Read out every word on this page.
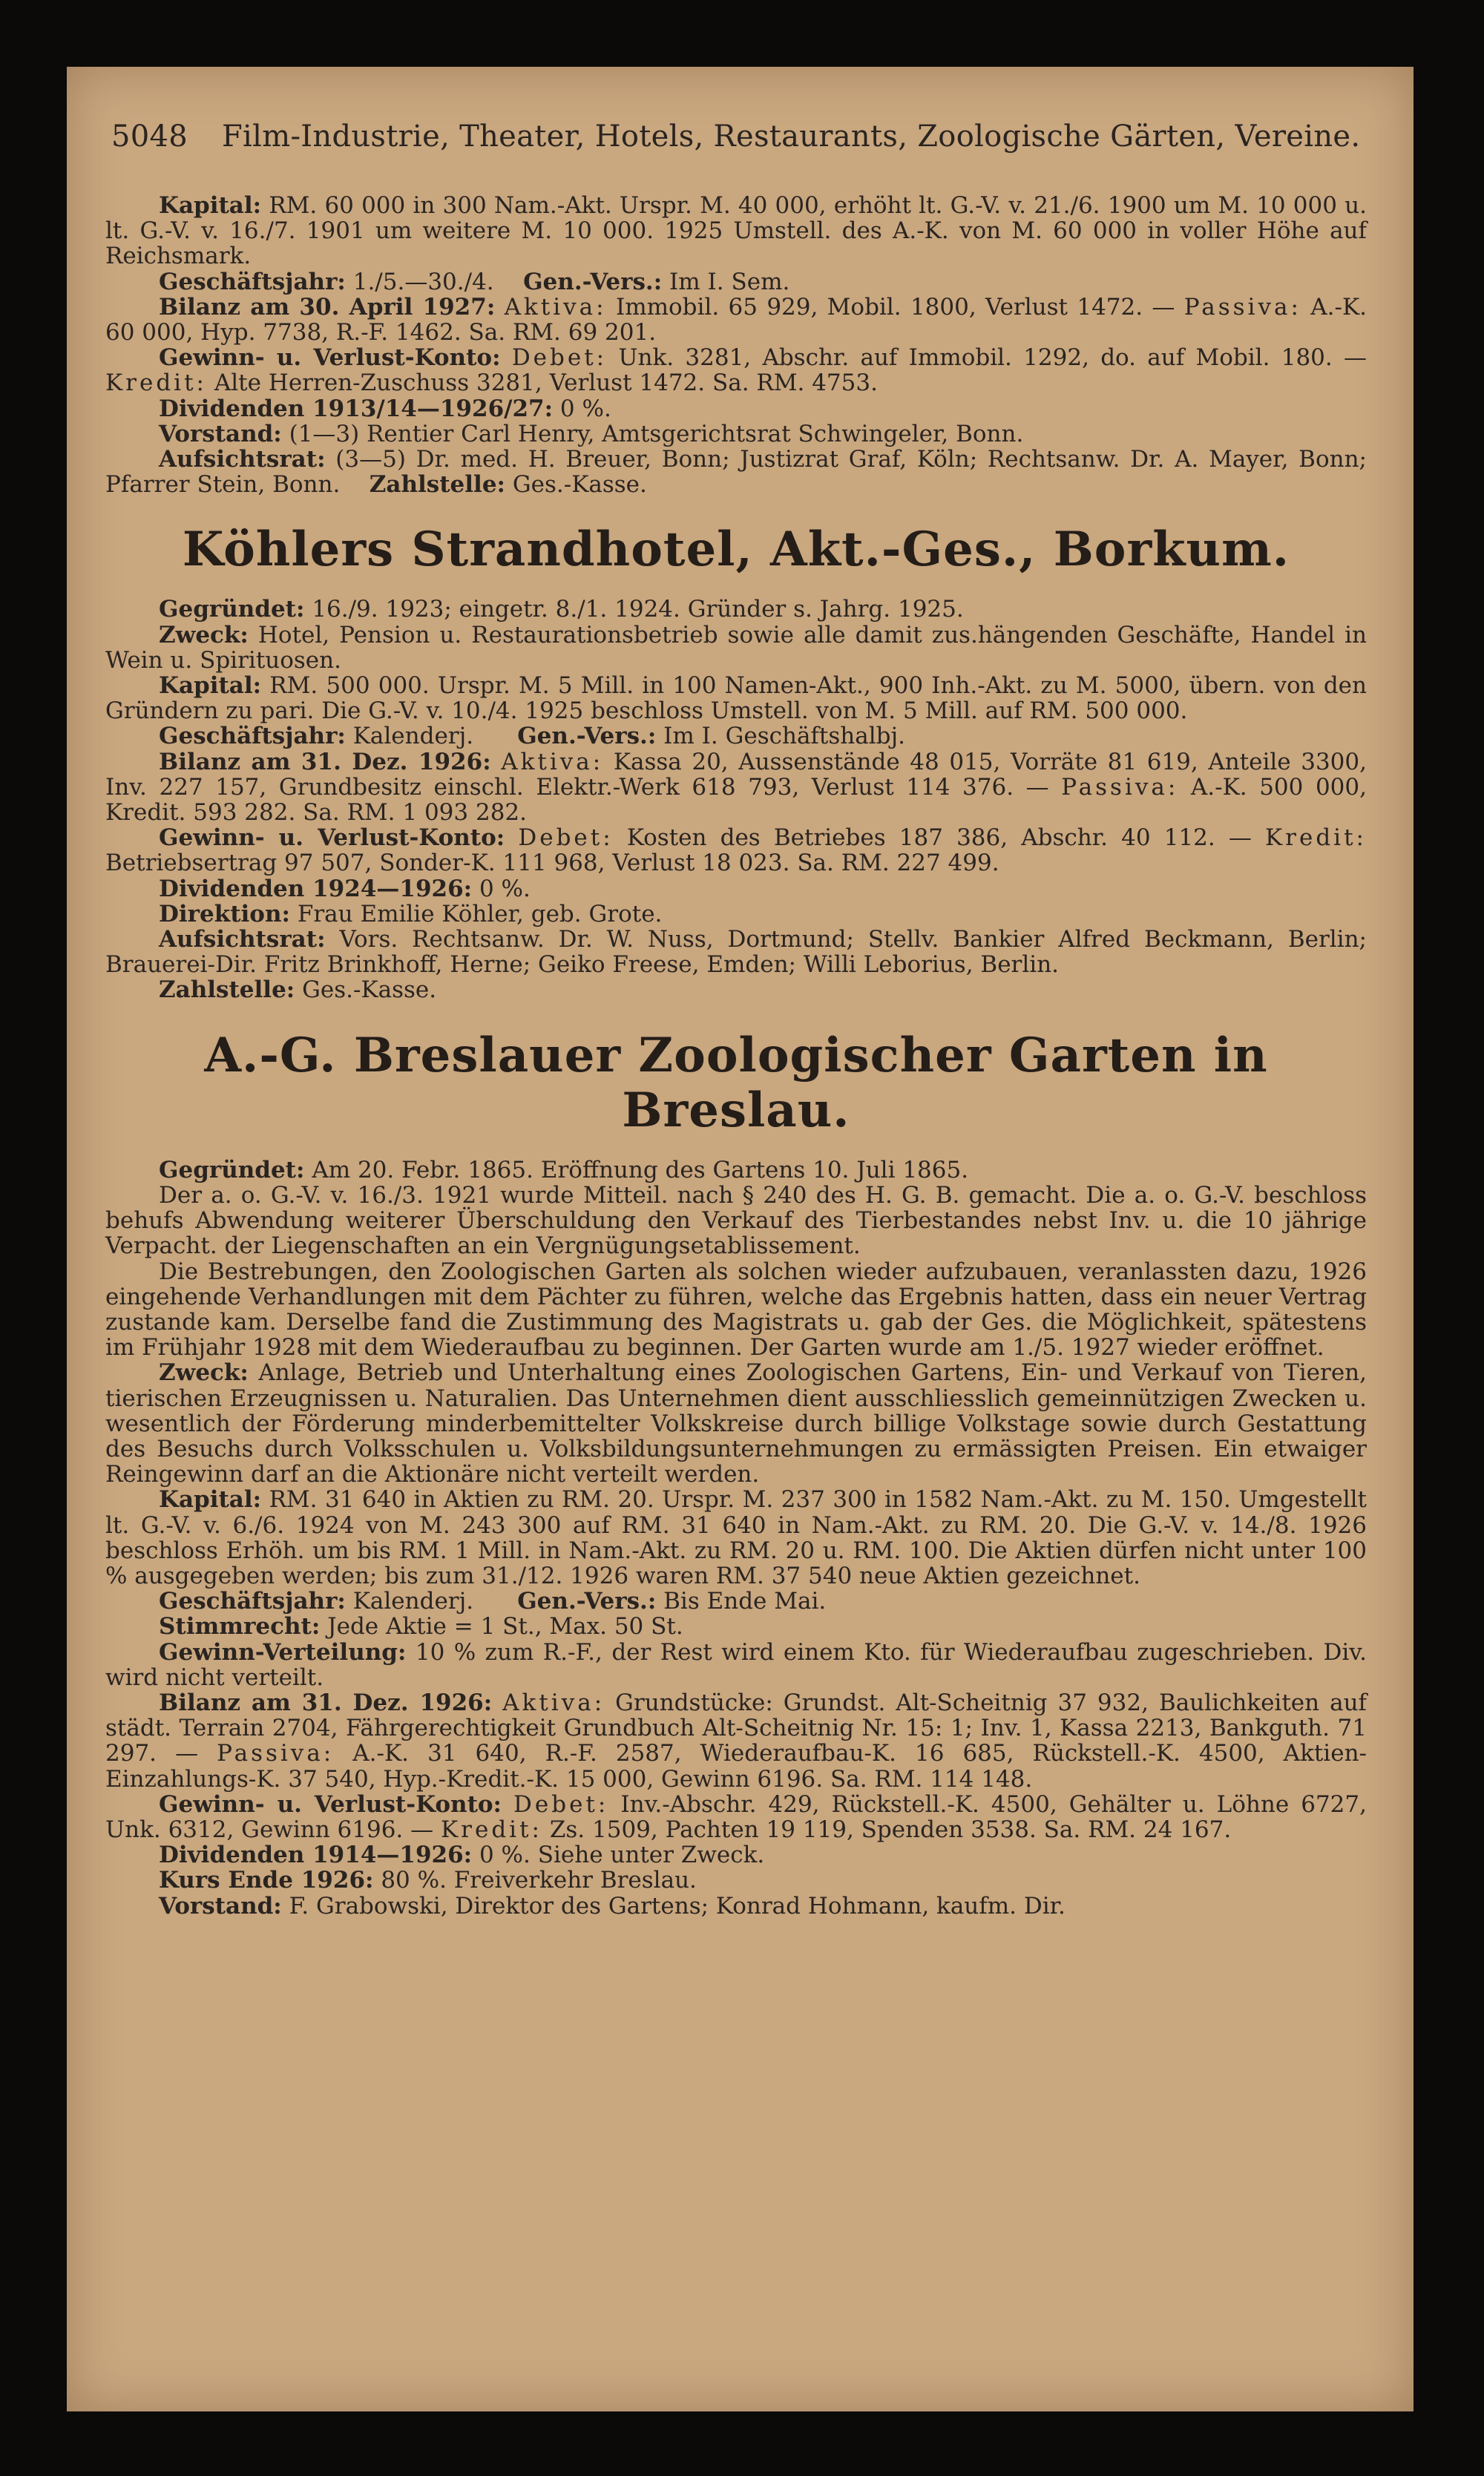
5048 Film-Industrie, Theater, Hotels, Restaurants, Zoologische Gärten, Vereine.

Kapital: RM. 60 000 in 300 Nam.-Akt. Urspr. M. 40 000, erhöht lt. G.-V. v. 21./6. 1900 um M. 10 000 u. lt. G.-V. v. 16./7. 1901 um weitere M. 10 000. 1925 Umstell. des A.-K. von M. 60 000 in voller Höhe auf Reichsmark.

Geschäftsjahr: 1./5.—30./4. Gen.-Vers.: Im I. Sem.

Bilanz am 30. April 1927: Aktiva: Immobil. 65 929, Mobil. 1800, Verlust 1472. — Passiva: A.-K. 60 000, Hyp. 7738, R.-F. 1462. Sa. RM. 69 201.

Gewinn- u. Verlust-Konto: Debet: Unk. 3281, Abschr. auf Immobil. 1292, do. auf Mobil. 180. — Kredit: Alte Herren-Zuschuss 3281, Verlust 1472. Sa. RM. 4753.

Dividenden 1913/14—1926/27: 0 %.

Vorstand: (1—3) Rentier Carl Henry, Amtsgerichtsrat Schwingeler, Bonn.

Aufsichtsrat: (3—5) Dr. med. H. Breuer, Bonn; Justizrat Graf, Köln; Rechtsanw. Dr. A. Mayer, Bonn; Pfarrer Stein, Bonn. Zahlstelle: Ges.-Kasse.

Köhlers Strandhotel, Akt.-Ges., Borkum.

Gegründet: 16./9. 1923; eingetr. 8./1. 1924. Gründer s. Jahrg. 1925.

Zweck: Hotel, Pension u. Restaurationsbetrieb sowie alle damit zus.hängenden Geschäfte, Handel in Wein u. Spirituosen.

Kapital: RM. 500 000. Urspr. M. 5 Mill. in 100 Namen-Akt., 900 Inh.-Akt. zu M. 5000, übern. von den Gründern zu pari. Die G.-V. v. 10./4. 1925 beschloss Umstell. von M. 5 Mill. auf RM. 500 000.

Geschäftsjahr: Kalenderj. Gen.-Vers.: Im I. Geschäftshalbj.

Bilanz am 31. Dez. 1926: Aktiva: Kassa 20, Aussenstände 48 015, Vorräte 81 619, Anteile 3300, Inv. 227 157, Grundbesitz einschl. Elektr.-Werk 618 793, Verlust 114 376. — Passiva: A.-K. 500 000, Kredit. 593 282. Sa. RM. 1 093 282.

Gewinn- u. Verlust-Konto: Debet: Kosten des Betriebes 187 386, Abschr. 40 112. — Kredit: Betriebsertrag 97 507, Sonder-K. 111 968, Verlust 18 023. Sa. RM. 227 499.

Dividenden 1924—1926: 0 %.

Direktion: Frau Emilie Köhler, geb. Grote.

Aufsichtsrat: Vors. Rechtsanw. Dr. W. Nuss, Dortmund; Stellv. Bankier Alfred Beckmann, Berlin; Brauerei-Dir. Fritz Brinkhoff, Herne; Geiko Freese, Emden; Willi Leborius, Berlin.

Zahlstelle: Ges.-Kasse.

A.-G. Breslauer Zoologischer Garten in Breslau.

Gegründet: Am 20. Febr. 1865. Eröffnung des Gartens 10. Juli 1865.

Der a. o. G.-V. v. 16./3. 1921 wurde Mitteil. nach § 240 des H. G. B. gemacht. Die a. o. G.-V. beschloss behufs Abwendung weiterer Überschuldung den Verkauf des Tierbestandes nebst Inv. u. die 10 jährige Verpacht. der Liegenschaften an ein Vergnügungsetablissement.

Die Bestrebungen, den Zoologischen Garten als solchen wieder aufzubauen, veranlassten dazu, 1926 eingehende Verhandlungen mit dem Pächter zu führen, welche das Ergebnis hatten, dass ein neuer Vertrag zustande kam. Derselbe fand die Zustimmung des Magistrats u. gab der Ges. die Möglichkeit, spätestens im Frühjahr 1928 mit dem Wiederaufbau zu beginnen. Der Garten wurde am 1./5. 1927 wieder eröffnet.

Zweck: Anlage, Betrieb und Unterhaltung eines Zoologischen Gartens, Ein- und Verkauf von Tieren, tierischen Erzeugnissen u. Naturalien. Das Unternehmen dient ausschliesslich gemeinnützigen Zwecken u. wesentlich der Förderung minderbemittelter Volkskreise durch billige Volkstage sowie durch Gestattung des Besuchs durch Volksschulen u. Volksbildungsunternehmungen zu ermässigten Preisen. Ein etwaiger Reingewinn darf an die Aktionäre nicht verteilt werden.

Kapital: RM. 31 640 in Aktien zu RM. 20. Urspr. M. 237 300 in 1582 Nam.-Akt. zu M. 150. Umgestellt lt. G.-V. v. 6./6. 1924 von M. 243 300 auf RM. 31 640 in Nam.-Akt. zu RM. 20. Die G.-V. v. 14./8. 1926 beschloss Erhöh. um bis RM. 1 Mill. in Nam.-Akt. zu RM. 20 u. RM. 100. Die Aktien dürfen nicht unter 100 % ausgegeben werden; bis zum 31./12. 1926 waren RM. 37 540 neue Aktien gezeichnet.

Geschäftsjahr: Kalenderj. Gen.-Vers.: Bis Ende Mai.

Stimmrecht: Jede Aktie = 1 St., Max. 50 St.

Gewinn-Verteilung: 10 % zum R.-F., der Rest wird einem Kto. für Wiederaufbau zugeschrieben. Div. wird nicht verteilt.

Bilanz am 31. Dez. 1926: Aktiva: Grundstücke: Grundst. Alt-Scheitnig 37 932, Baulichkeiten auf städt. Terrain 2704, Fährgerechtigkeit Grundbuch Alt-Scheitnig Nr. 15: 1; Inv. 1, Kassa 2213, Bankguth. 71 297. — Passiva: A.-K. 31 640, R.-F. 2587, Wiederaufbau-K. 16 685, Rückstell.-K. 4500, Aktien-Einzahlungs-K. 37 540, Hyp.-Kredit.-K. 15 000, Gewinn 6196. Sa. RM. 114 148.

Gewinn- u. Verlust-Konto: Debet: Inv.-Abschr. 429, Rückstell.-K. 4500, Gehälter u. Löhne 6727, Unk. 6312, Gewinn 6196. — Kredit: Zs. 1509, Pachten 19 119, Spenden 3538. Sa. RM. 24 167.

Dividenden 1914—1926: 0 %. Siehe unter Zweck.

Kurs Ende 1926: 80 %. Freiverkehr Breslau.

Vorstand: F. Grabowski, Direktor des Gartens; Konrad Hohmann, kaufm. Dir.
